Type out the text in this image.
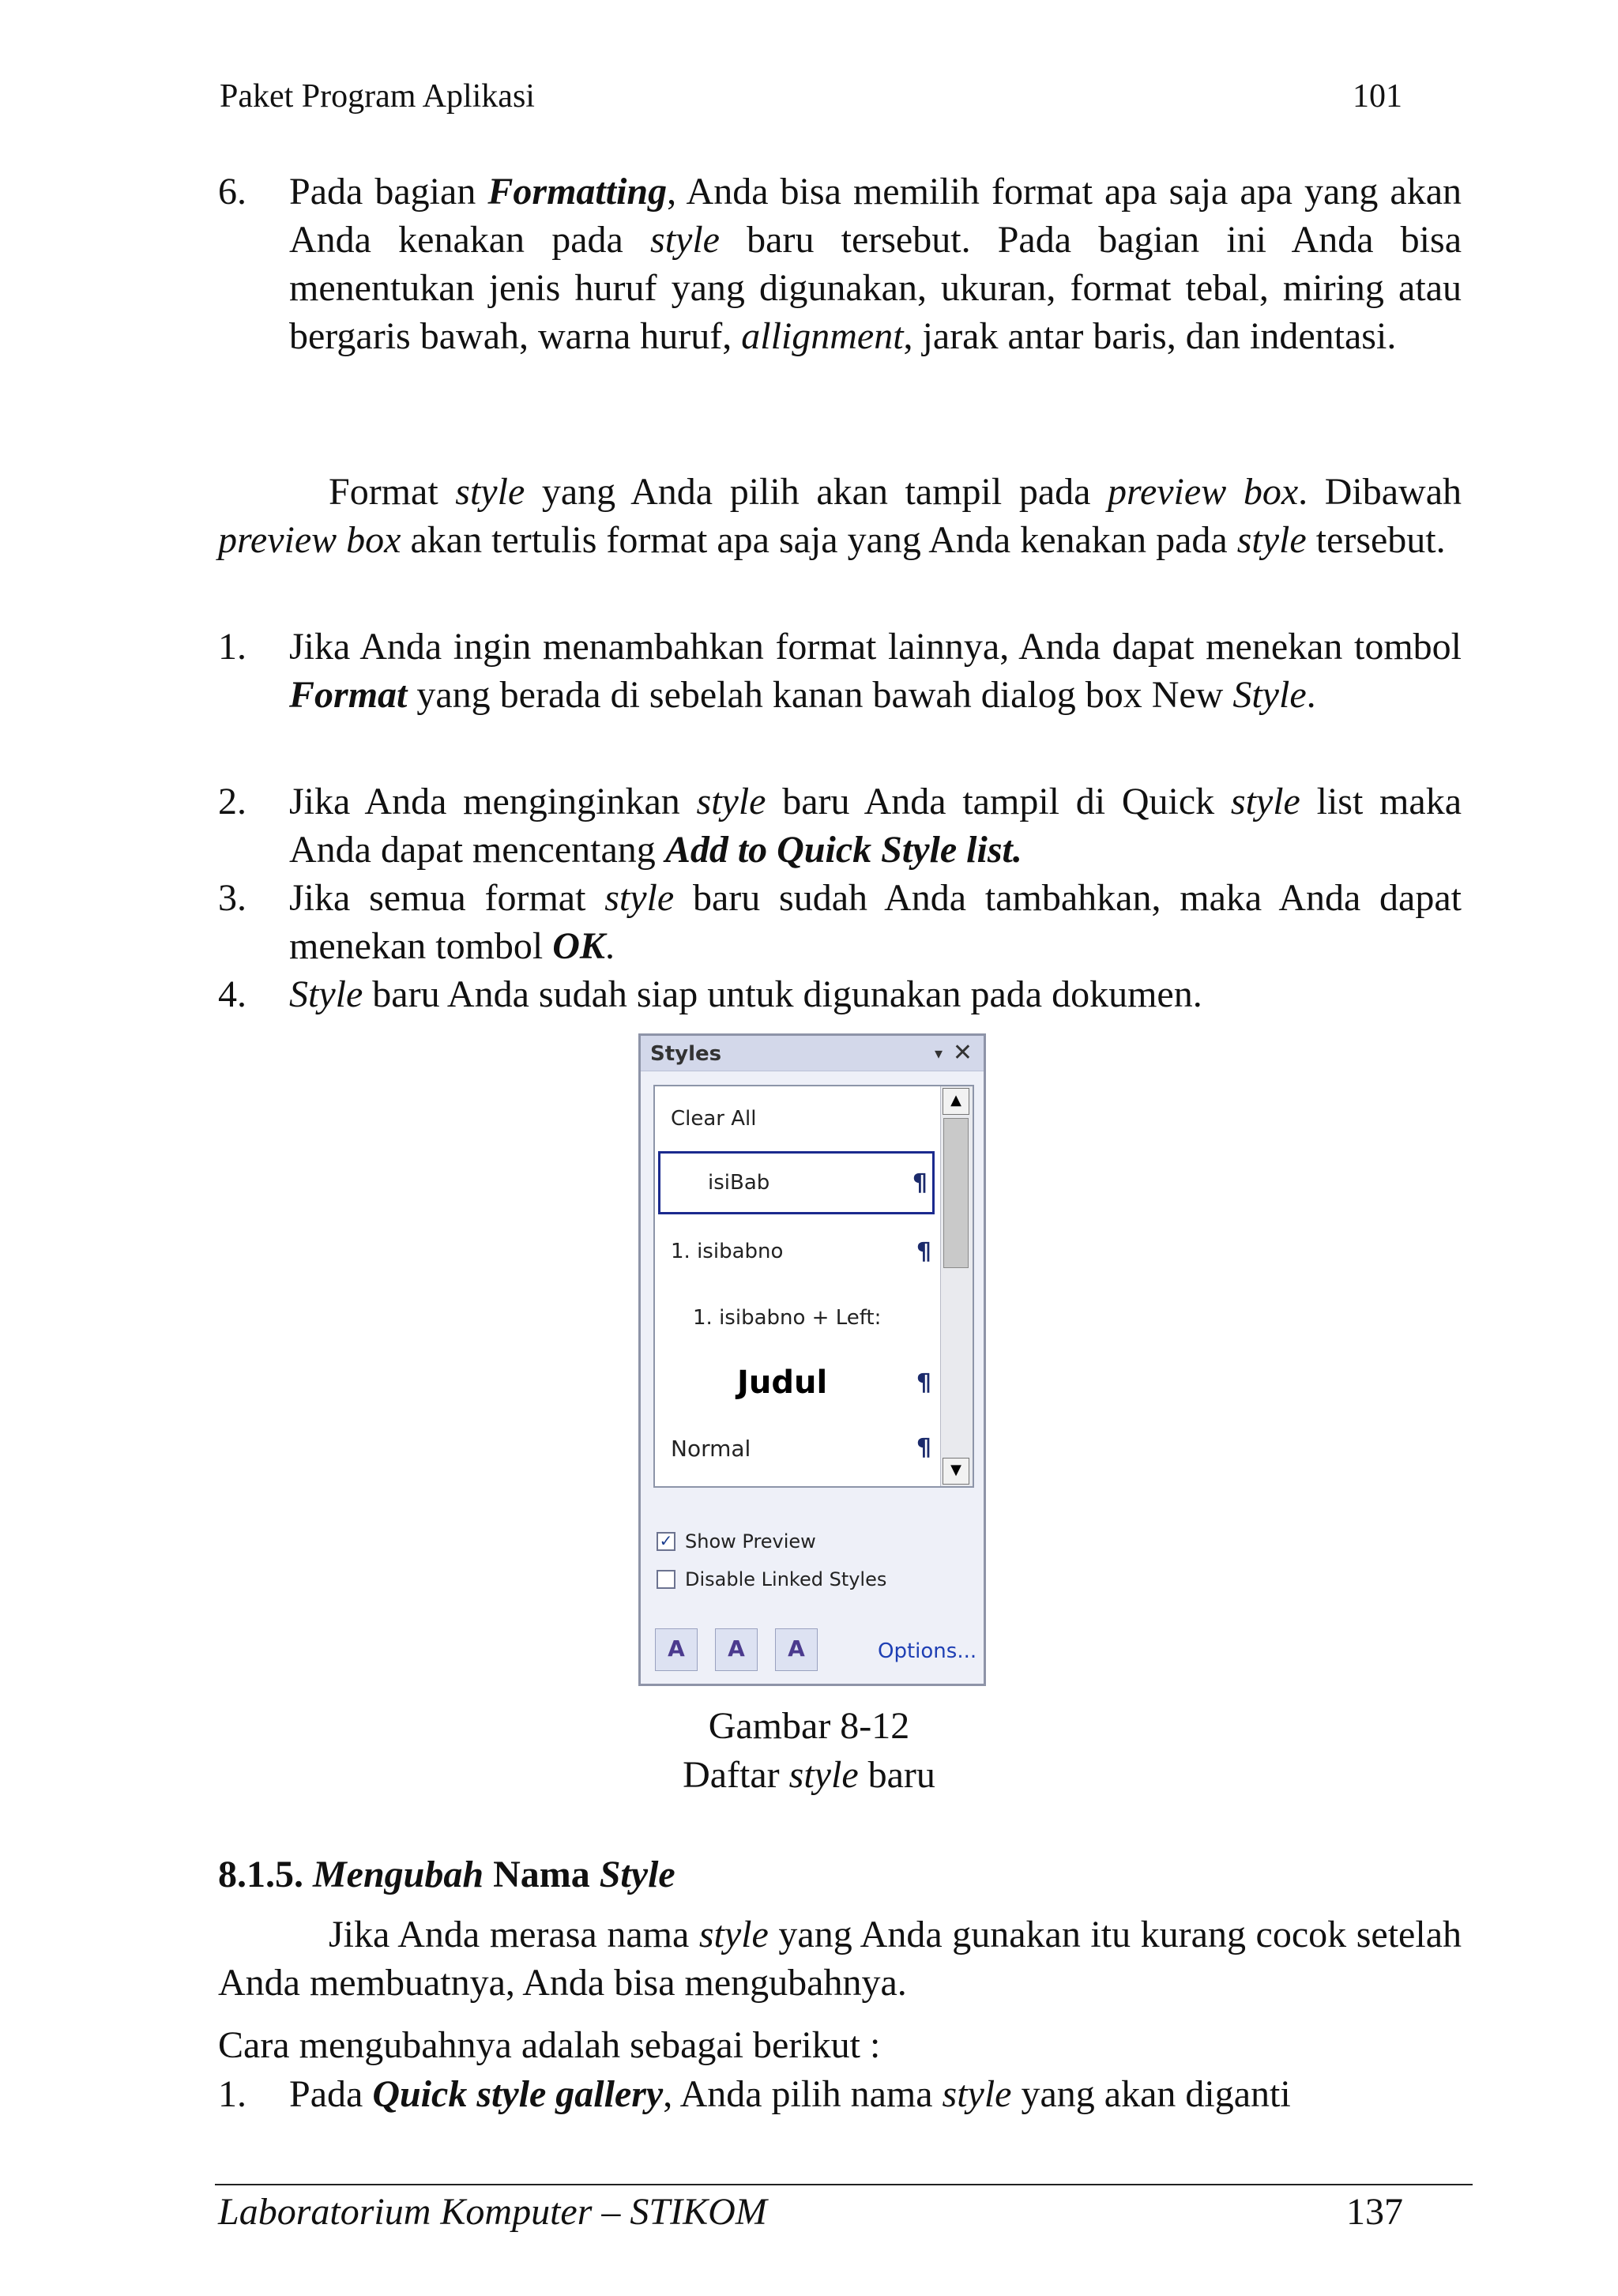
Paket Program Aplikasi	101
6. Pada bagian Formatting, Anda bisa memilih format apa saja apa yang akan Anda kenakan pada style baru tersebut. Pada bagian ini Anda bisa menentukan jenis huruf yang digunakan, ukuran, format tebal, miring atau bergaris bawah, warna huruf, allignment, jarak antar baris, dan indentasi.
Format style yang Anda pilih akan tampil pada preview box. Dibawah preview box akan tertulis format apa saja yang Anda kenakan pada style tersebut.
1. Jika Anda ingin menambahkan format lainnya, Anda dapat menekan tombol Format yang berada di sebelah kanan bawah dialog box New Style.
2. Jika Anda menginginkan style baru Anda tampil di Quick style list maka Anda dapat mencentang Add to Quick Style list.
3. Jika semua format style baru sudah Anda tambahkan, maka Anda dapat menekan tombol OK.
4. Style baru Anda sudah siap untuk digunakan pada dokumen.
Styles	▾ ✕
Clear All
isiBab	¶
1. isibabno	¶
1. isibabno + Left:
Judul	¶
Normal	¶
▲
▼
✓ Show Preview
Disable Linked Styles
A	A	A	Options...
Gambar 8-12
Daftar style baru
8.1.5. Mengubah Nama Style
Jika Anda merasa nama style yang Anda gunakan itu kurang cocok setelah Anda membuatnya, Anda bisa mengubahnya.
Cara mengubahnya adalah sebagai berikut :
1. Pada Quick style gallery, Anda pilih nama style yang akan diganti
Laboratorium Komputer – STIKOM	137
